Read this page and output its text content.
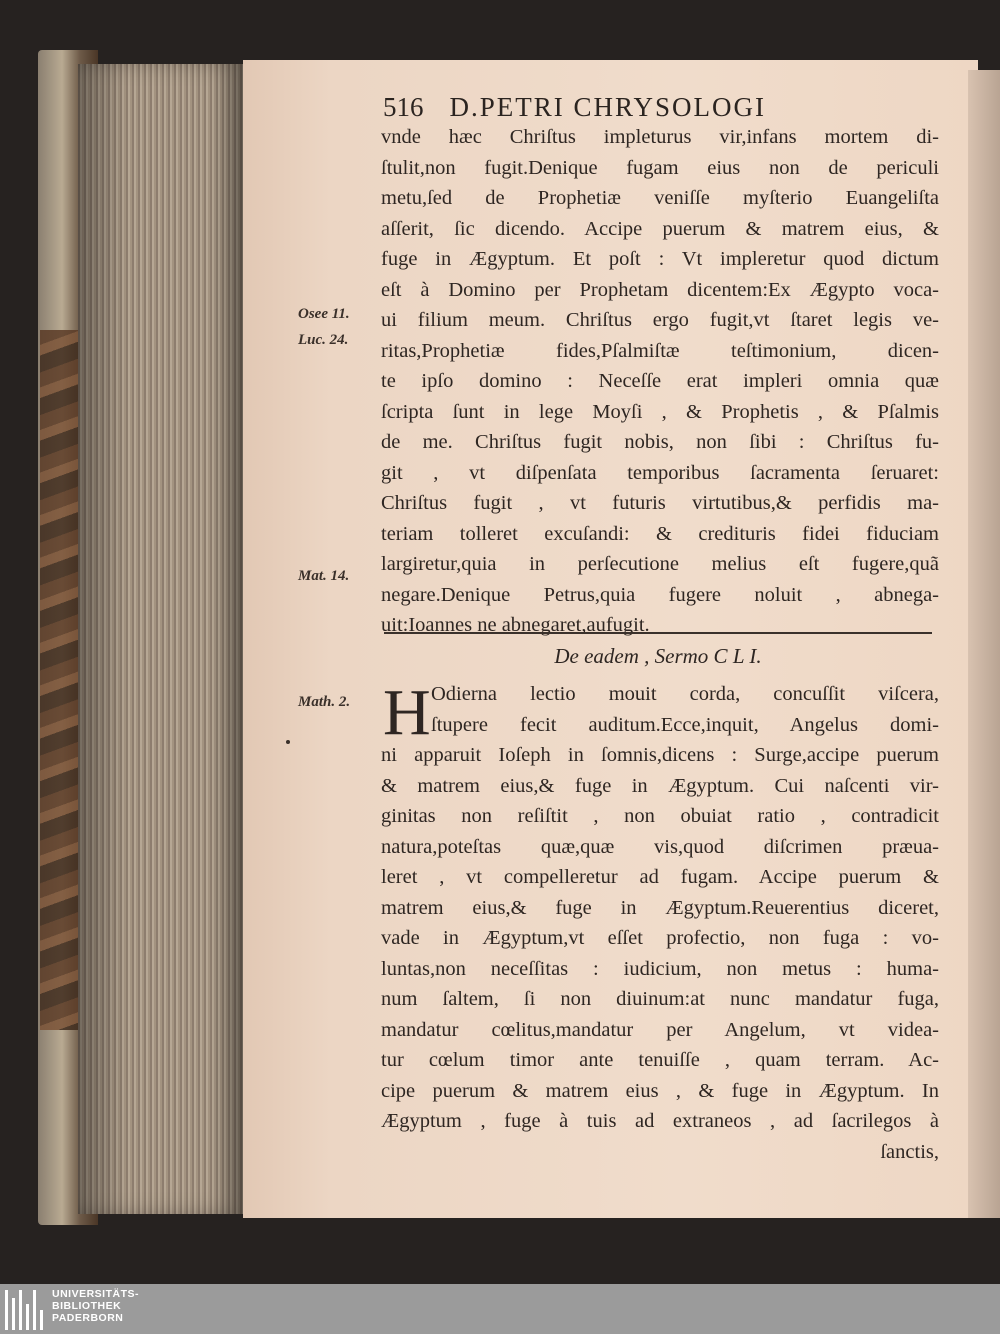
516 D.PETRI CHRYSOLOGI
Osee 11.
Luc. 24.
Mat. 14.
Math. 2.
vnde hæc Chriſtus impleturus vir,infans mortem di-
ſtulit,non fugit.Denique fugam eius non de periculi
metu,ſed de Prophetiæ veniſſe myſterio Euangeliſta
aſſerit, ſic dicendo. Accipe puerum & matrem eius, &
fuge in Ægyptum. Et poſt : Vt impleretur quod dictum
eſt à Domino per Prophetam dicentem:Ex Ægypto voca-
ui filium meum. Chriſtus ergo fugit,vt ſtaret legis ve-
ritas,Prophetiæ fides,Pſalmiſtæ teſtimonium, dicen-
te ipſo domino : Neceſſe erat impleri omnia quæ
ſcripta ſunt in lege Moyſi , & Prophetis , & Pſalmis
de me. Chriſtus fugit nobis, non ſibi : Chriſtus fu-
git , vt diſpenſata temporibus ſacramenta ſeruaret:
Chriſtus fugit , vt futuris virtutibus,& perfidis ma-
teriam tolleret excuſandi: & credituris fidei fiduciam
largiretur,quia in perſecutione melius eſt fugere,quã
negare.Denique Petrus,quia fugere noluit , abnega-
uit:Ioannes ne abnegaret,aufugit.
De eadem , Sermo C L I.
H Odierna lectio mouit corda, concuſſit viſcera,
ſtupere fecit auditum.Ecce,inquit, Angelus domi-
ni apparuit Ioſeph in ſomnis,dicens : Surge,accipe puerum
& matrem eius,& fuge in Ægyptum. Cui naſcenti vir-
ginitas non reſiſtit , non obuiat ratio , contradicit
natura,poteſtas quæ,quæ vis,quod diſcrimen præua-
leret , vt compelleretur ad fugam. Accipe puerum &
matrem eius,& fuge in Ægyptum.Reuerentius diceret,
vade in Ægyptum,vt eſſet profectio, non fuga : vo-
luntas,non neceſſitas : iudicium, non metus : huma-
num ſaltem, ſi non diuinum:at nunc mandatur fuga,
mandatur cœlitus,mandatur per Angelum, vt videa-
tur cœlum timor ante tenuiſſe , quam terram. Ac-
cipe puerum & matrem eius , & fuge in Ægyptum. In
Ægyptum , fuge à tuis ad extraneos , ad ſacrilegos à
ſanctis,
UNIVERSITÄTS-
BIBLIOTHEK
PADERBORN
